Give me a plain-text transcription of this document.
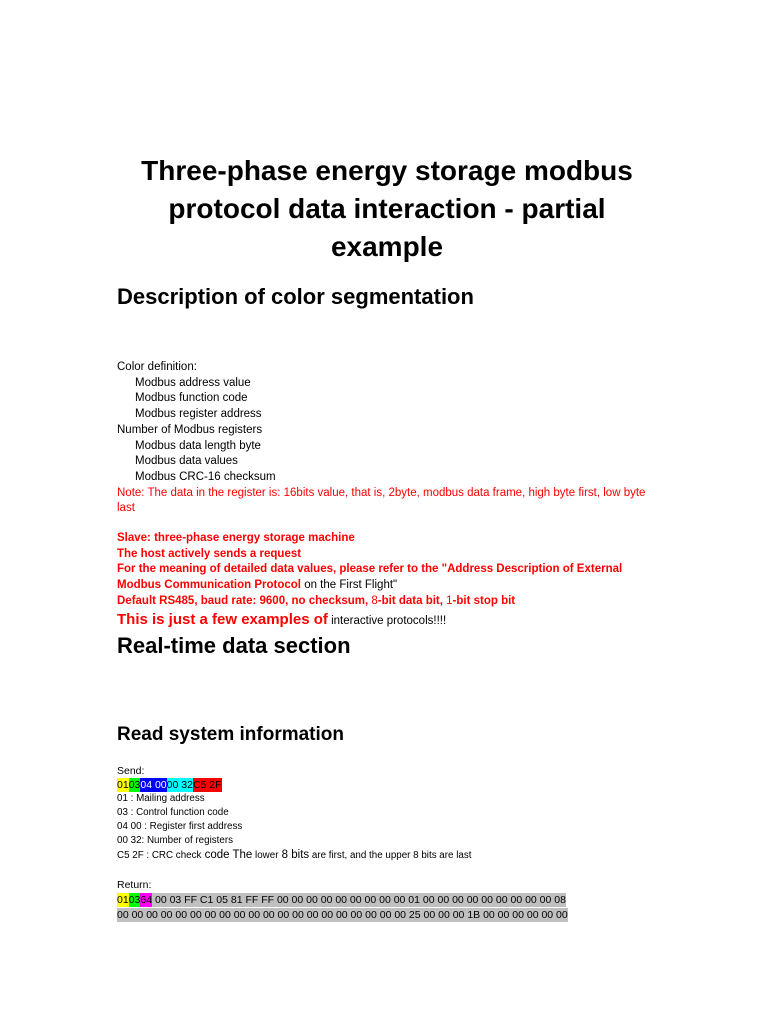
Three-phase energy storage modbus protocol data interaction - partial example
Description of color segmentation
Color definition:
Modbus address value
Modbus function code
Modbus register address
Number of Modbus registers
Modbus data length byte
Modbus data values
Modbus CRC-16 checksum
Note: The data in the register is: 16bits value, that is, 2byte, modbus data frame, high byte first, low byte last
Slave: three-phase energy storage machine
The host actively sends a request
For the meaning of detailed data values, please refer to the "Address Description of External Modbus Communication Protocol on the First Flight"
Default RS485, baud rate: 9600, no checksum, 8-bit data bit, 1-bit stop bit
This is just a few examples of interactive protocols!!!!
Real-time data section
Read system information
Send:
010304 0000 32C5 2F
01 : Mailing address
03 : Control function code
04 00 : Register first address
00 32: Number of registers
C5 2F : CRC check code The lower 8 bits are first, and the upper 8 bits are last
Return:
010364 00 03 FF C1 05 81 FF FF 00 00 00 00 00 00 00 00 00 01 00 00 00 00 00 00 00 00 00 08
00 00 00 00 00 00 00 00 00 00 00 00 00 00 00 00 00 00 00 00 25 00 00 00 1B 00 00 00 00 00 00
